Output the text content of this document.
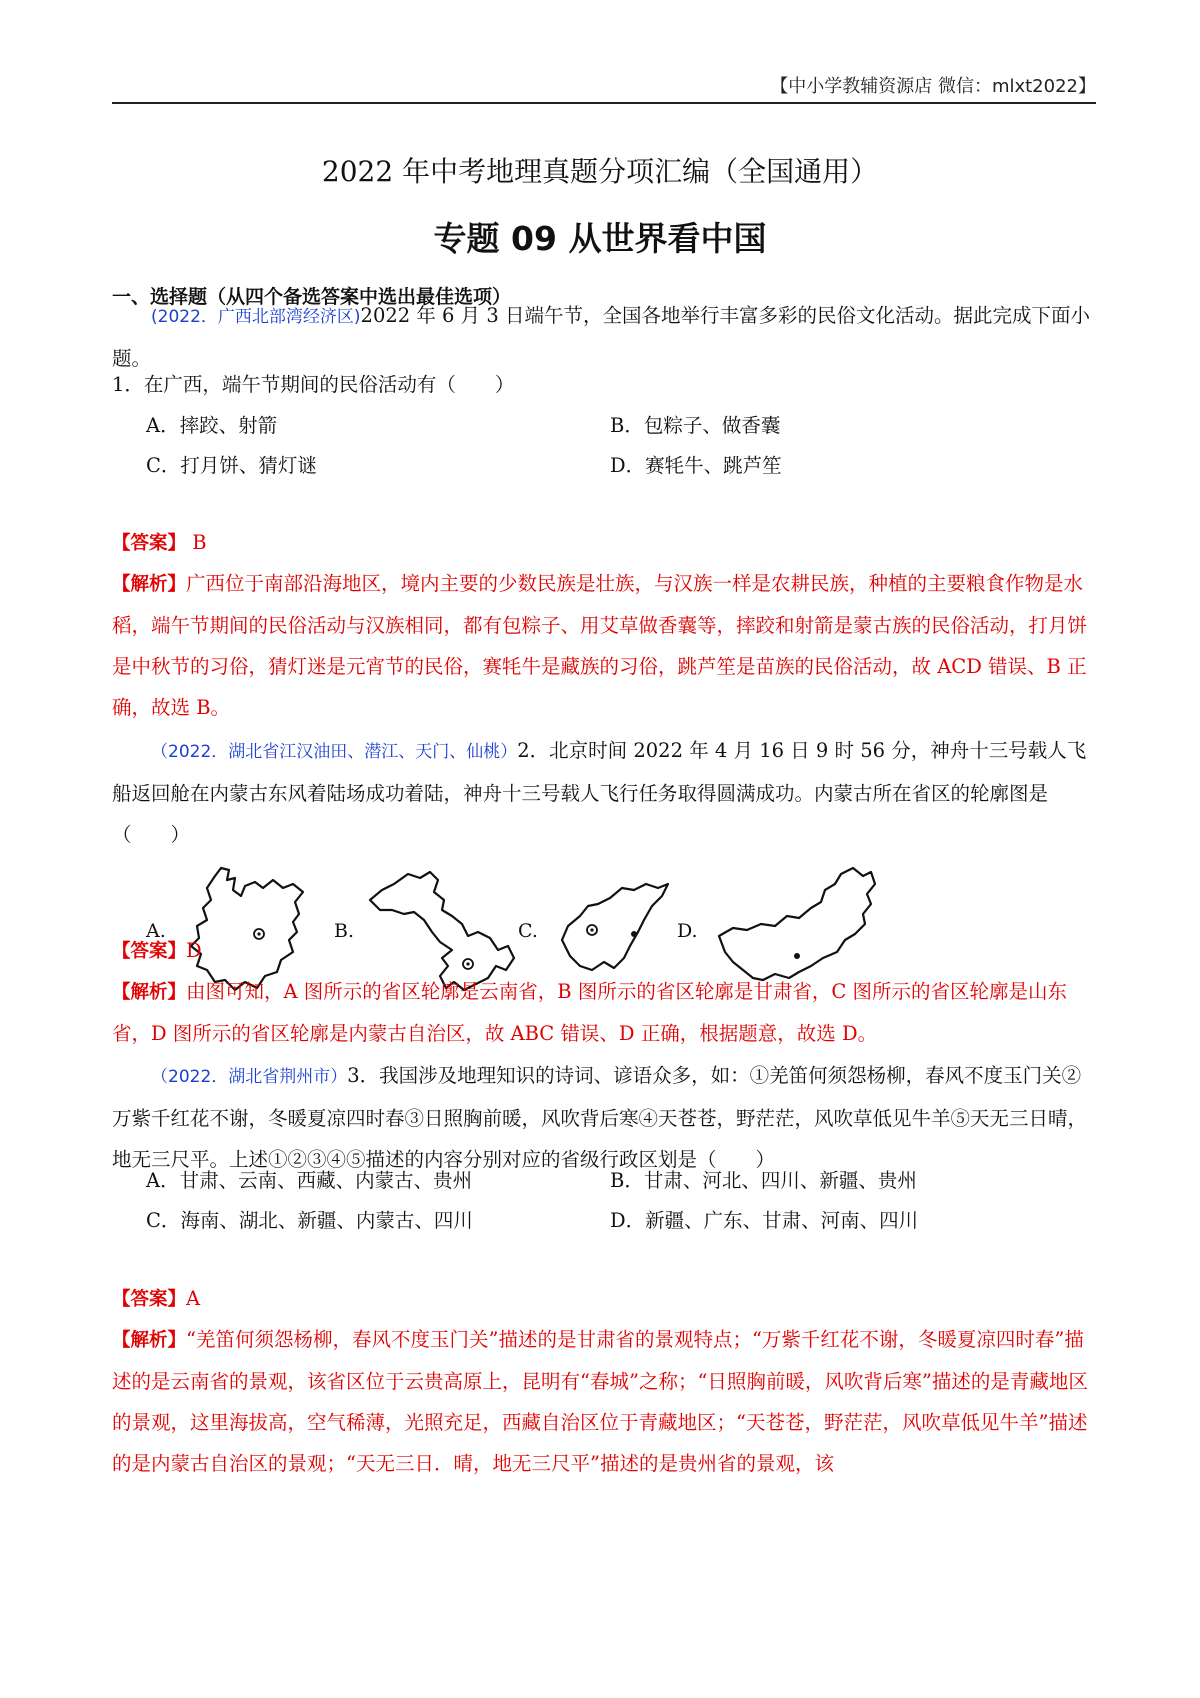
【中小学教辅资源店 微信：mlxt2022】
2022 年中考地理真题分项汇编（全国通用）
专题 09 从世界看中国
一、选择题（从四个备选答案中选出最佳选项）
(2022．广西北部湾经济区)2022 年 6 月 3 日端午节，全国各地举行丰富多彩的民俗文化活动。据此完成下面小题。
1．在广西，端午节期间的民俗活动有（　　）
A．摔跤、射箭	B．包粽子、做香囊
C．打月饼、猜灯谜	D．赛牦牛、跳芦笙
【答案】 B
【解析】广西位于南部沿海地区，境内主要的少数民族是壮族，与汉族一样是农耕民族，种植的主要粮食作物是水稻，端午节期间的民俗活动与汉族相同，都有包粽子、用艾草做香囊等，摔跤和射箭是蒙古族的民俗活动，打月饼是中秋节的习俗，猜灯迷是元宵节的民俗，赛牦牛是藏族的习俗，跳芦笙是苗族的民俗活动，故 ACD 错误、B 正确，故选 B。
（2022．湖北省江汉油田、潜江、天门、仙桃）2．北京时间 2022 年 4 月 16 日 9 时 56 分，神舟十三号载人飞船返回舱在内蒙古东风着陆场成功着陆，神舟十三号载人飞行任务取得圆满成功。内蒙古所在省区的轮廓图是（　　）
A.	B.	C.	D.
【答案】D
【解析】由图可知，A 图所示的省区轮廓是云南省，B 图所示的省区轮廓是甘肃省，C 图所示的省区轮廓是山东省，D 图所示的省区轮廓是内蒙古自治区，故 ABC 错误、D 正确，根据题意，故选 D。
（2022．湖北省荆州市）3．我国涉及地理知识的诗词、谚语众多，如：①羌笛何须怨杨柳，春风不度玉门关②万紫千红花不谢，冬暖夏凉四时春③日照胸前暖，风吹背后寒④天苍苍，野茫茫，风吹草低见牛羊⑤天无三日晴，地无三尺平。上述①②③④⑤描述的内容分别对应的省级行政区划是（　　）
A．甘肃、云南、西藏、内蒙古、贵州	B．甘肃、河北、四川、新疆、贵州
C．海南、湖北、新疆、内蒙古、四川	D．新疆、广东、甘肃、河南、四川
【答案】A
【解析】“羌笛何须怨杨柳，春风不度玉门关”描述的是甘肃省的景观特点；“万紫千红花不谢，冬暖夏凉四时春”描述的是云南省的景观，该省区位于云贵高原上，昆明有“春城”之称；“日照胸前暖，风吹背后寒”描述的是青藏地区的景观，这里海拔高，空气稀薄，光照充足，西藏自治区位于青藏地区；“天苍苍，野茫茫，风吹草低见牛羊”描述的是内蒙古自治区的景观；“天无三日．晴，地无三尺平”描述的是贵州省的景观，该
